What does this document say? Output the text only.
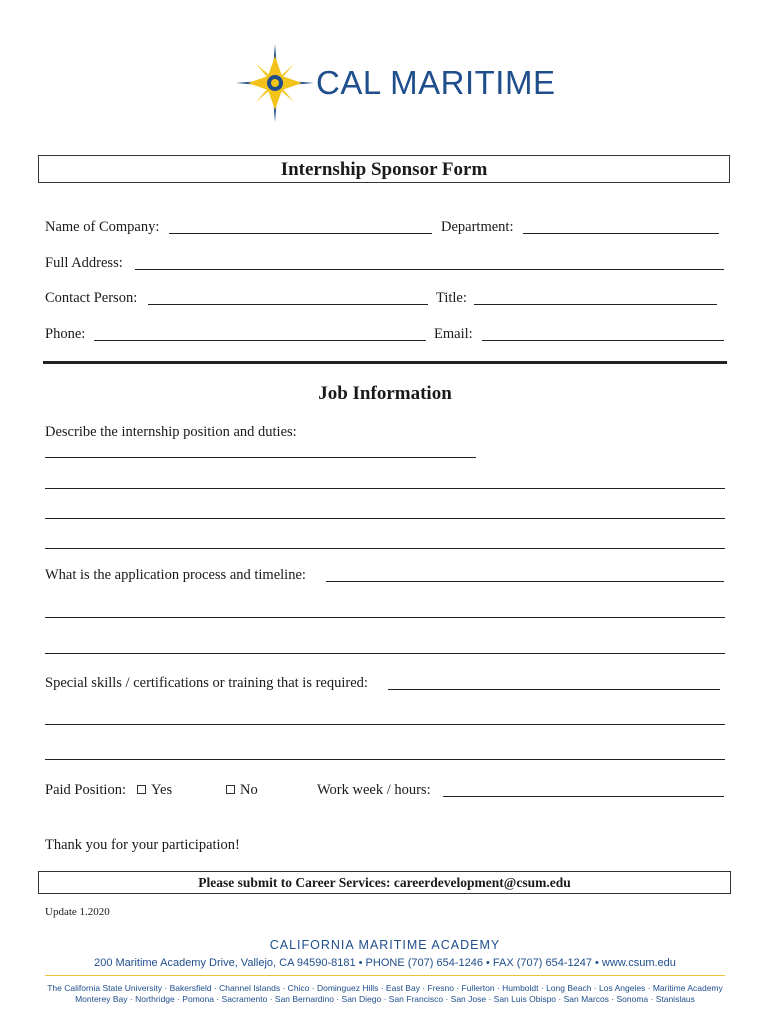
CAL MARITIME
Internship Sponsor Form
Name of Company:	Department:
Full Address:
Contact Person:	Title:
Phone:	Email:
Job Information
Describe the internship position and duties:
What is the application process and timeline:
Special skills / certifications or training that is required:
Paid Position:	Yes	No	Work week / hours:
Thank you for your participation!
Please submit to Career Services: careerdevelopment@csum.edu
Update 1.2020
CALIFORNIA MARITIME ACADEMY
200 Maritime Academy Drive, Vallejo, CA 94590-8181 • PHONE (707) 654-1246 • FAX (707) 654-1247 • www.csum.edu
The California State University · Bakersfield · Channel Islands · Chico · Dominguez Hills · East Bay · Fresno · Fullerton · Humboldt · Long Beach · Los Angeles · Maritime Academy
Monterey Bay · Northridge · Pomona · Sacramento · San Bernardino · San Diego · San Francisco · San Jose · San Luis Obispo · San Marcos · Sonoma · Stanislaus
